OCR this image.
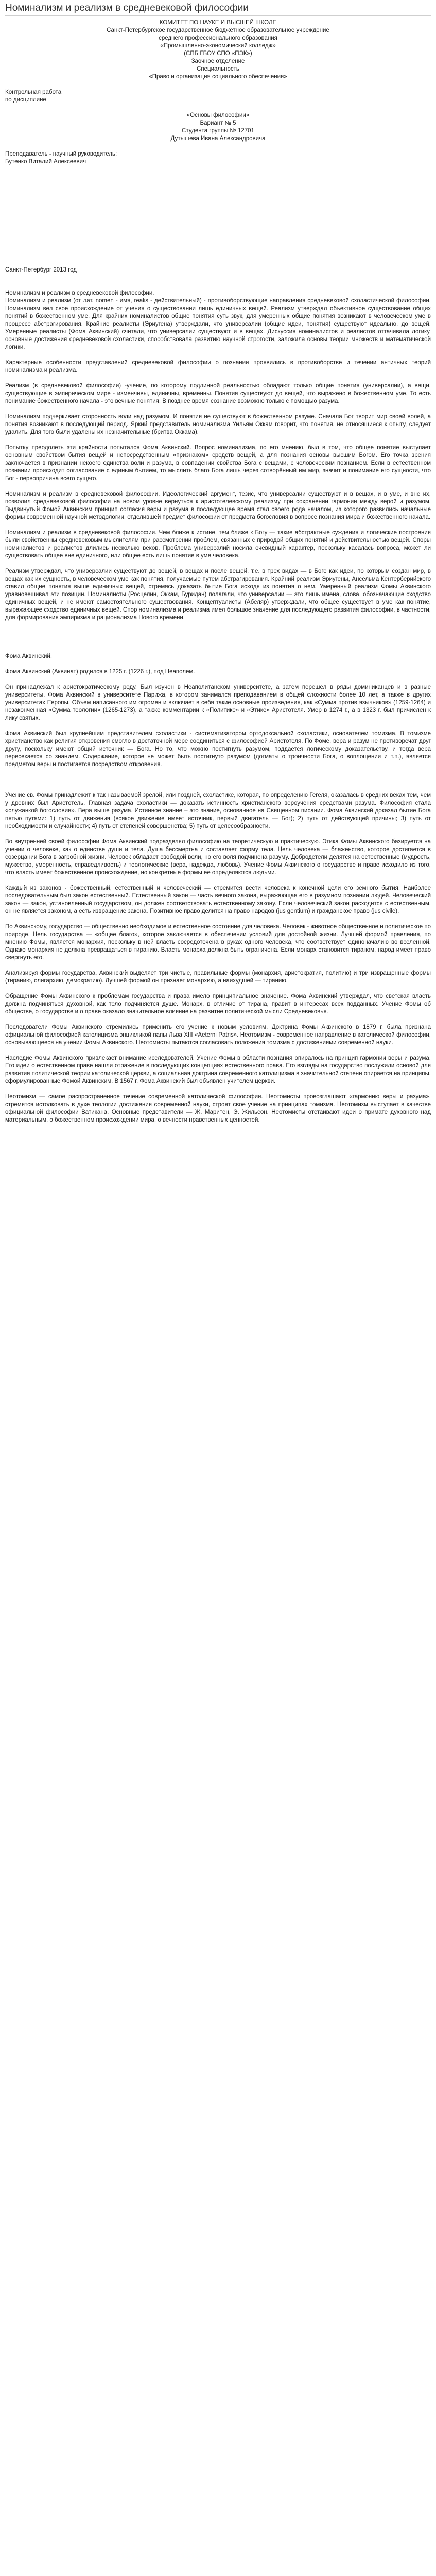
Номинализм и реализм в средневековой философии

КОМИТЕТ ПО НАУКЕ И ВЫСШЕЙ ШКОЛЕ

Санкт-Петербургское государственное бюджетное образовательное учреждение

среднего профессионального образования

«Промышленно-экономический колледж»

(СПБ ГБОУ СПО «ПЭК»)

Заочное отделение

Специальность

«Право и организация социального обеспечения»

Контрольная работа

по дисциплине

«Основы философии»

Вариант № 5

Студента группы № 12701

Дутышева Ивана Александровича

Преподаватель - научный руководитель:

Бутенко Виталий Алексеевич

Санкт-Петербург 2013 год

Номинализм и реализм в средневековой философии.

Номинализм и реализм (от лат. nomen - имя, realis - действительный) - противоборствующие направления средневековой схоластической философии. Номинализм вел свое происхождение от учения о существовании лишь единичных вещей. Реализм утверждал объективное существование общих понятий в божественном уме. Для крайних номиналистов общие понятия суть звук, для умеренных общие понятия возникают в человеческом уме в процессе абстрагирования. Крайние реалисты (Эриугена) утверждали, что универсалии (общие идеи, понятия) существуют идеально, до вещей. Умеренные реалисты (Фома Аквинский) считали, что универсалии существуют и в вещах. Дискуссия номиналистов и реалистов оттачивала логику, основные достижения средневековой схоластики, способствовала развитию научной строгости, заложила основы теории множеств и математической логики.

Характерные особенности представлений средневековой философии о познании проявились в противоборстве и течении античных теорий номинализма и реализма.

Реализм (в средневековой философии) -учение, по которому подлинной реальностью обладают только общие понятия (универсалии), а вещи, существующие в эмпирическом мире - изменчивы, единичны, временны. Понятия существуют до вещей, что выражено в божественном уме. То есть понимание божественного начала - это вечные понятия. В позднее время сознание возможно только с помощью разума.

Номинализм подчеркивает сторонность воли над разумом. И понятия не существуют в божественном разуме. Сначала Бог творит мир своей волей, а понятия возникают в последующий период. Яркий представитель номинализма Уильям Оккам говорит, что понятия, не относящиеся к опыту, следует удалить. Для того были удалены их незначительные (бритва Оккама).

Попытку преодолеть эти крайности попытался Фома Аквинский. Вопрос номинализма, по его мнению, был в том, что общее понятие выступает основным свойством бытия вещей и непосредственным «признаком» средств вещей, а для познания основы высшим Богом. Его точка зрения заключается в признании некоего единства воли и разума, в совпадении свойства Бога с вещами, с человеческим познанием. Если в естественном познании происходит согласование с единым бытием, то мыслить благо Бога лишь через сотворённый им мир, значит и понимание его сущности, что Бог - первопричина всего сущего.

Номинализм и реализм в средневековой философии. Идеологический аргумент, тезис, что универсалии существуют и в вещах, и в уме, и вне их, позволил средневековой философии на новом уровне вернуться к аристотелевскому реализму при сохранении гармонии между верой и разумом. Выдвинутый Фомой Аквинским принцип согласия веры и разума в последующее время стал своего рода началом, из которого развились начальные формы современной научной методологии, отделившей предмет философии от предмета богословия в вопросе познания мира и божественного начала.

Номинализм и реализм в средневековой философии. Чем ближе к истине, тем ближе к Богу — такие абстрактные суждения и логические построения были свойственны средневековым мыслителям при рассмотрении проблем, связанных с природой общих понятий и действительностью вещей. Споры номиналистов и реалистов длились несколько веков. Проблема универсалий носила очевидный характер, поскольку касалась вопроса, может ли существовать общее вне единичного, или общее есть лишь понятие в уме человека.

Реализм утверждал, что универсалии существуют до вещей, в вещах и после вещей, т.е. в трех видах — в Боге как идеи, по которым создан мир, в вещах как их сущность, в человеческом уме как понятия, получаемые путем абстрагирования. Крайний реализм Эриугены, Ансельма Кентерберийского ставил общие понятия выше единичных вещей, стремясь доказать бытие Бога исходя из понятия о нем. Умеренный реализм Фомы Аквинского уравновешивал эти позиции. Номиналисты (Росцелин, Оккам, Буридан) полагали, что универсалии — это лишь имена, слова, обозначающие сходство единичных вещей, и не имеют самостоятельного существования. Концептуалисты (Абеляр) утверждали, что общее существует в уме как понятие, выражающее сходство единичных вещей. Спор номинализма и реализма имел большое значение для последующего развития философии, в частности, для формирования эмпиризма и рационализма Нового времени.

Фома Аквинский.

Фома Аквинский (Аквинат) родился в 1225 г. (1226 г.), под Неаполем.

Он принадлежал к аристократическому роду. Был изучен в Неаполитанском университете, а затем перешел в ряды доминиканцев и в разные университеты. Фома Аквинский в университете Парижа, в котором занимался преподаванием в общей сложности более 10 лет, а также в других университетах Европы. Объем написанного им огромен и включает в себя такие основные произведения, как «Сумма против язычников» (1259-1264) и незаконченная «Сумма теологии» (1265-1273), а также комментарии к «Политике» и «Этике» Аристотеля. Умер в 1274 г., а в 1323 г. был причислен к лику святых.

Фома Аквинский был крупнейшим представителем схоластики - систематизатором ортодоксальной схоластики, основателем томизма. В томизме христианство как религия откровения смогло в достаточной мере соединиться с философией Аристотеля. По Фоме, вера и разум не противоречат друг другу, поскольку имеют общий источник — Бога. Но то, что можно постигнуть разумом, поддается логическому доказательству, и тогда вера пересекается со знанием. Содержание, которое не может быть постигнуто разумом (догматы о троичности Бога, о воплощении и т.п.), является предметом веры и постигается посредством откровения.

Учение св. Фомы принадлежит к так называемой зрелой, или поздней, схоластике, которая, по определению Гегеля, оказалась в средних веках тем, чем у древних был Аристотель. Главная задача схоластики — доказать истинность христианского вероучения средствами разума. Философия стала «служанкой богословия». Вера выше разума. Истинное знание – это знание, основанное на Священном писании. Фома Аквинский доказал бытие Бога пятью путями: 1) путь от движения (всякое движение имеет источник, первый двигатель — Бог); 2) путь от действующей причины; 3) путь от необходимости и случайности; 4) путь от степеней совершенства; 5) путь от целесообразности.

Во внутренней своей философии Фома Аквинский подразделял философию на теоретическую и практическую. Этика Фомы Аквинского базируется на учении о человеке, как о единстве души и тела. Душа бессмертна и составляет форму тела. Цель человека — блаженство, которое достигается в созерцании Бога в загробной жизни. Человек обладает свободой воли, но его воля подчинена разуму. Добродетели делятся на естественные (мудрость, мужество, умеренность, справедливость) и теологические (вера, надежда, любовь). Учение Фомы Аквинского о государстве и праве исходило из того, что власть имеет божественное происхождение, но конкретные формы ее определяются людьми.

Каждый из законов - божественный, естественный и человеческий — стремится вести человека к конечной цели его земного бытия. Наиболее последовательным был закон естественный. Естественный закон — часть вечного закона, выражающая его в разумном познании людей. Человеческий закон — закон, установленный государством, он должен соответствовать естественному закону. Если человеческий закон расходится с естественным, он не является законом, а есть извращение закона. Позитивное право делится на право народов (jus gentium) и гражданское право (jus civile).

По Аквинскому, государство — общественно необходимое и естественное состояние для человека. Человек - животное общественное и политическое по природе. Цель государства — «общее благо», которое заключается в обеспечении условий для достойной жизни. Лучшей формой правления, по мнению Фомы, является монархия, поскольку в ней власть сосредоточена в руках одного человека, что соответствует единоначалию во вселенной. Однако монархия не должна превращаться в тиранию. Власть монарха должна быть ограничена. Если монарх становится тираном, народ имеет право свергнуть его.

Анализируя формы государства, Аквинский выделяет три чистые, правильные формы (монархия, аристократия, политию) и три извращенные формы (тиранию, олигархию, демократию). Лучшей формой он признает монархию, а наихудшей — тиранию.

Обращение Фомы Аквинского к проблемам государства и права имело принципиальное значение. Фома Аквинский утверждал, что светская власть должна подчиняться духовной, как тело подчиняется душе. Монарх, в отличие от тирана, правит в интересах всех подданных. Учение Фомы об обществе, о государстве и о праве оказало значительное влияние на развитие политической мысли Средневековья.

Последователи Фомы Аквинского стремились применить его учение к новым условиям. Доктрина Фомы Аквинского в 1879 г. была признана официальной философией католицизма энцикликой папы Льва XIII «Aeterni Patris». Неотомизм - современное направление в католической философии, основывающееся на учении Фомы Аквинского. Неотомисты пытаются согласовать положения томизма с достижениями современной науки.

Наследие Фомы Аквинского привлекает внимание исследователей. Учение Фомы в области познания опиралось на принцип гармонии веры и разума. Его идеи о естественном праве нашли отражение в последующих концепциях естественного права. Его взгляды на государство послужили основой для развития политической теории католической церкви, а социальная доктрина современного католицизма в значительной степени опирается на принципы, сформулированные Фомой Аквинским. В 1567 г. Фома Аквинский был объявлен учителем церкви.

Неотомизм — самое распространенное течение современной католической философии. Неотомисты провозглашают «гармонию веры и разума», стремятся истолковать в духе теологии достижения современной науки, строят свое учение на принципах томизма. Неотомизм выступает в качестве официальной философии Ватикана. Основные представители — Ж. Маритен, Э. Жильсон. Неотомисты отстаивают идеи о примате духовного над материальным, о божественном происхождении мира, о вечности нравственных ценностей.
